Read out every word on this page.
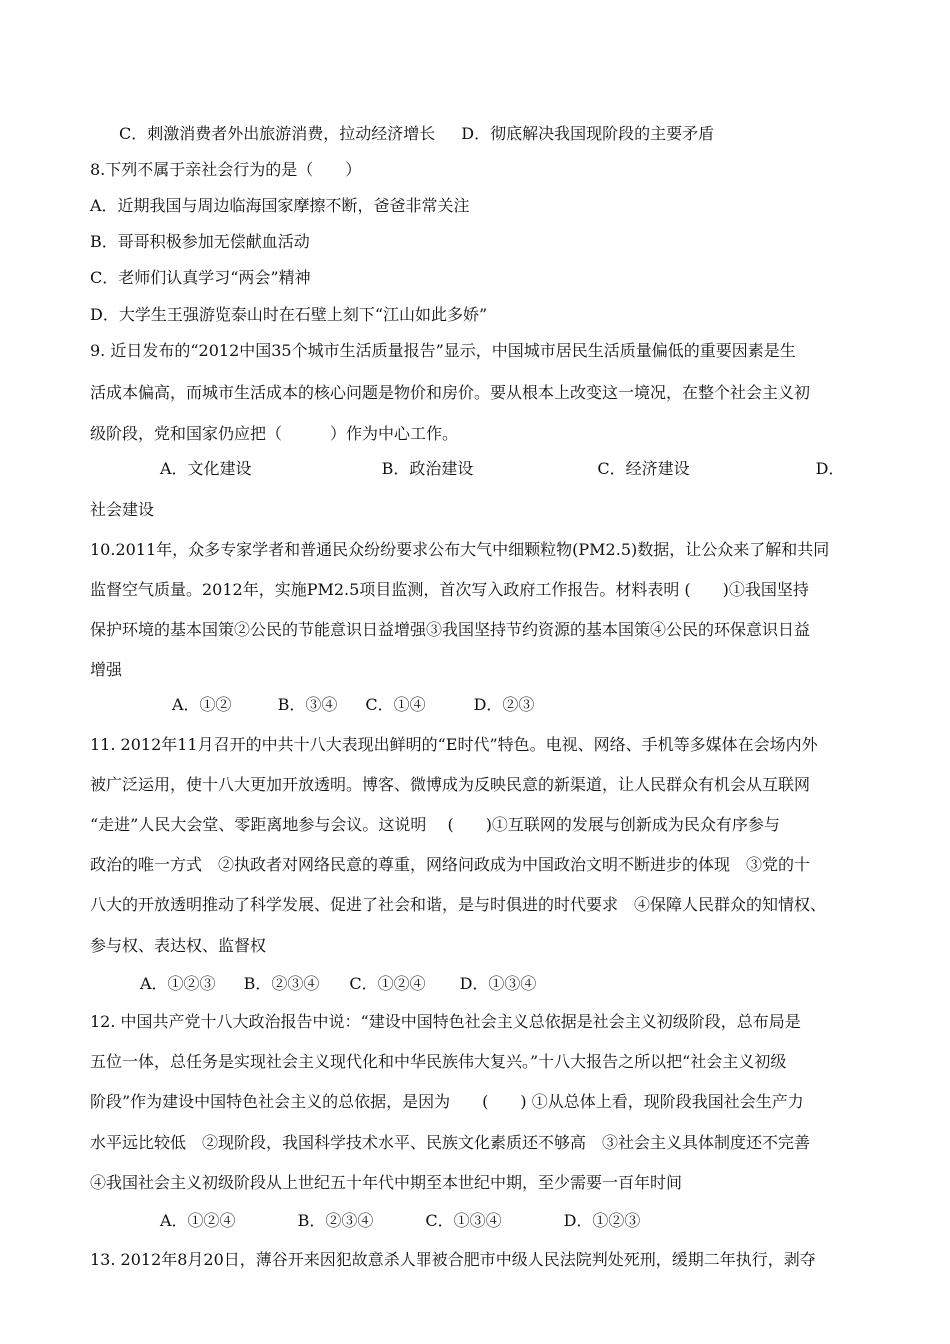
C．刺激消费者外出旅游消费，拉动经济增长 D．彻底解决我国现阶段的主要矛盾
8.下列不属于亲社会行为的是（　　）
A．近期我国与周边临海国家摩擦不断，爸爸非常关注
B．哥哥积极参加无偿献血活动
C．老师们认真学习“两会”精神
D．大学生王强游览泰山时在石壁上刻下“江山如此多娇”
9. 近日发布的“2012中国35个城市生活质量报告”显示，中国城市居民生活质量偏低的重要因素是生
活成本偏高，而城市生活成本的核心问题是物价和房价。要从根本上改变这一境况，在整个社会主义初
级阶段，党和国家仍应把（　　　）作为中心工作。
A．文化建设	B．政治建设	C．经济建设	D．
社会建设
10.2011年，众多专家学者和普通民众纷纷要求公布大气中细颗粒物(PM2.5)数据，让公众来了解和共同
监督空气质量。2012年，实施PM2.5项目监测，首次写入政府工作报告。材料表明 (　　)①我国坚持
保护环境的基本国策②公民的节能意识日益增强③我国坚持节约资源的基本国策④公民的环保意识日益
增强
A．①②	B．③④ C．①④	D．②③
11. 2012年11月召开的中共十八大表现出鲜明的“E时代”特色。电视、网络、手机等多媒体在会场内外
被广泛运用，使十八大更加开放透明。博客、微博成为反映民意的新渠道，让人民群众有机会从互联网
“走进”人民大会堂、零距离地参与会议。这说明　 (　　)①互联网的发展与创新成为民众有序参与
政治的唯一方式　②执政者对网络民意的尊重，网络问政成为中国政治文明不断进步的体现　③党的十
八大的开放透明推动了科学发展、促进了社会和谐，是与时俱进的时代要求　④保障人民群众的知情权、
参与权、表达权、监督权
A．①②③ B．②③④ C．①②④ D．①③④
12. 中国共产党十八大政治报告中说：“建设中国特色社会主义总依据是社会主义初级阶段，总布局是
五位一体，总任务是实现社会主义现代化和中华民族伟大复兴。”十八大报告之所以把“社会主义初级
阶段”作为建设中国特色社会主义的总依据，是因为　　(　　) ①从总体上看，现阶段我国社会生产力
水平远比较低　②现阶段，我国科学技术水平、民族文化素质还不够高　③社会主义具体制度还不完善
④我国社会主义初级阶段从上世纪五十年代中期至本世纪中期，至少需要一百年时间
A．①②④	B．②③④	C．①③④	D．①②③
13. 2012年8月20日，薄谷开来因犯故意杀人罪被合肥市中级人民法院判处死刑，缓期二年执行，剥夺
